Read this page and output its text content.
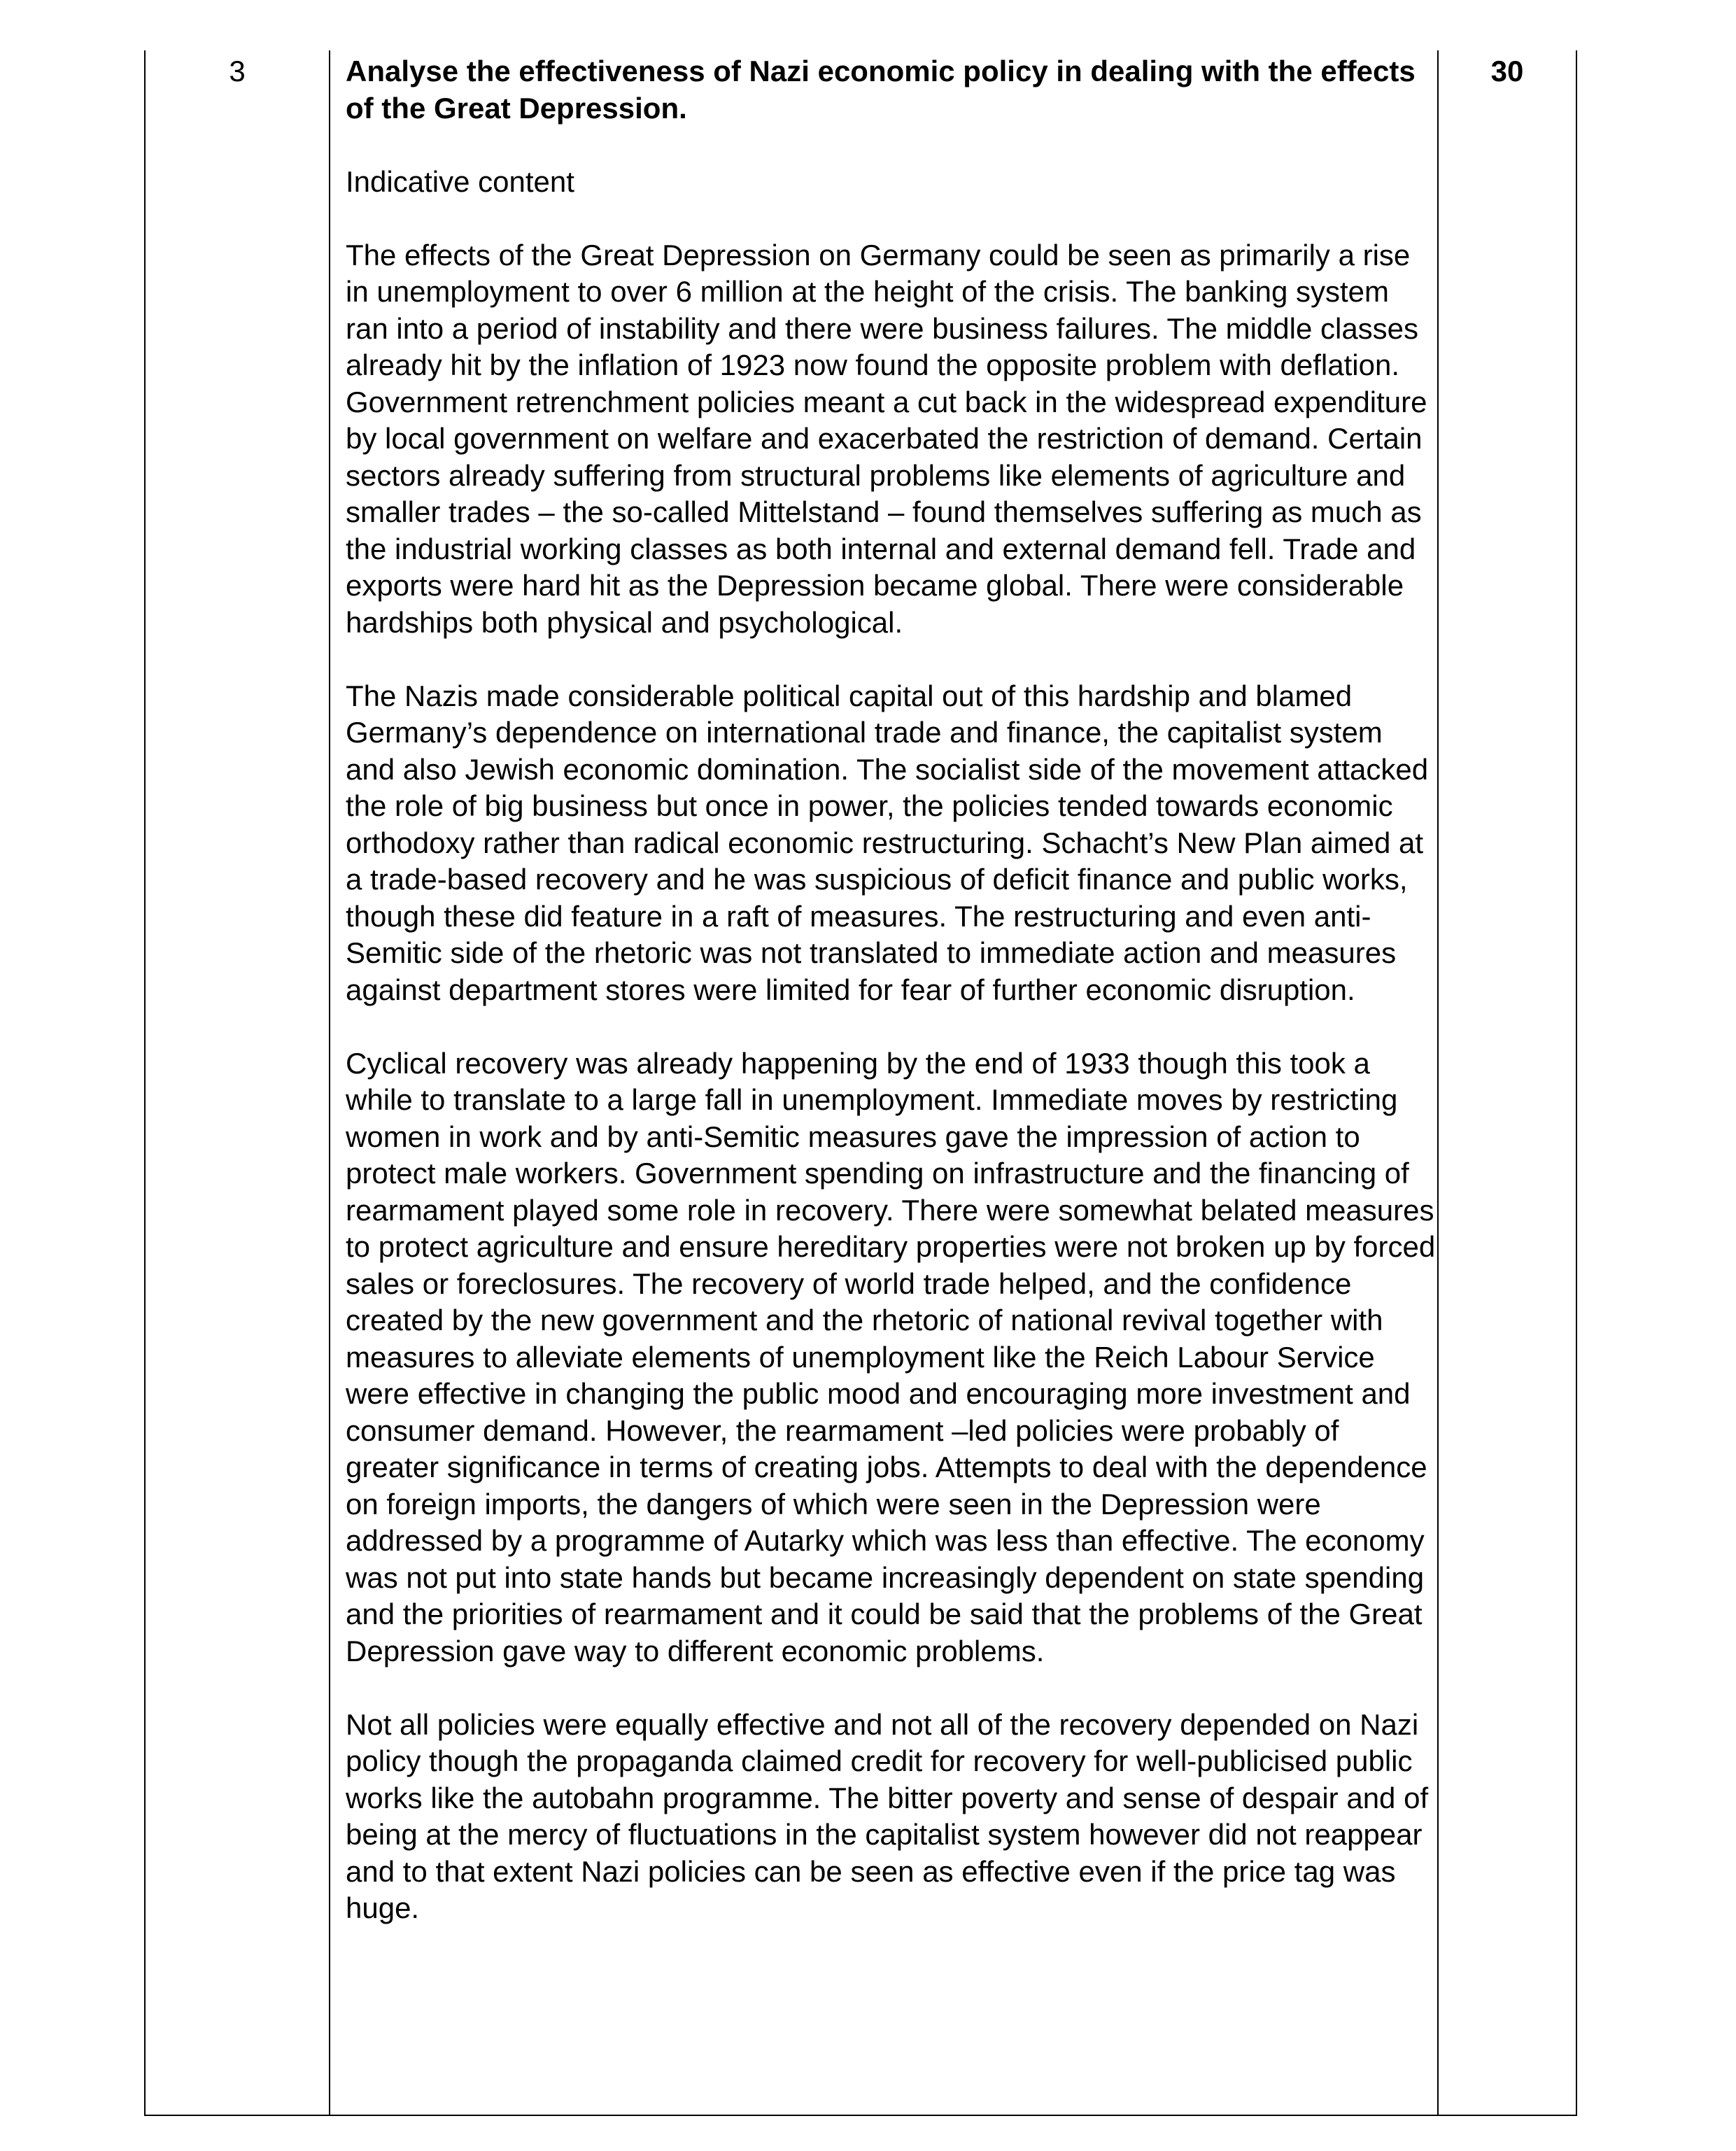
3	Analyse the effectiveness of Nazi economic policy in dealing with the effects of the Great Depression.

Indicative content

The effects of the Great Depression on Germany could be seen as primarily a rise in unemployment to over 6 million at the height of the crisis. The banking system ran into a period of instability and there were business failures. The middle classes already hit by the inflation of 1923 now found the opposite problem with deflation. Government retrenchment policies meant a cut back in the widespread expenditure by local government on welfare and exacerbated the restriction of demand. Certain sectors already suffering from structural problems like elements of agriculture and smaller trades – the so-called Mittelstand – found themselves suffering as much as the industrial working classes as both internal and external demand fell. Trade and exports were hard hit as the Depression became global. There were considerable hardships both physical and psychological.

The Nazis made considerable political capital out of this hardship and blamed Germany’s dependence on international trade and finance, the capitalist system and also Jewish economic domination. The socialist side of the movement attacked the role of big business but once in power, the policies tended towards economic orthodoxy rather than radical economic restructuring. Schacht’s New Plan aimed at a trade-based recovery and he was suspicious of deficit finance and public works, though these did feature in a raft of measures. The restructuring and even anti-Semitic side of the rhetoric was not translated to immediate action and measures against department stores were limited for fear of further economic disruption.

Cyclical recovery was already happening by the end of 1933 though this took a while to translate to a large fall in unemployment. Immediate moves by restricting women in work and by anti-Semitic measures gave the impression of action to protect male workers. Government spending on infrastructure and the financing of rearmament played some role in recovery. There were somewhat belated measures to protect agriculture and ensure hereditary properties were not broken up by forced sales or foreclosures. The recovery of world trade helped, and the confidence created by the new government and the rhetoric of national revival together with measures to alleviate elements of unemployment like the Reich Labour Service were effective in changing the public mood and encouraging more investment and consumer demand. However, the rearmament –led policies were probably of greater significance in terms of creating jobs. Attempts to deal with the dependence on foreign imports, the dangers of which were seen in the Depression were addressed by a programme of Autarky which was less than effective. The economy was not put into state hands but became increasingly dependent on state spending and the priorities of rearmament and it could be said that the problems of the Great Depression gave way to different economic problems.

Not all policies were equally effective and not all of the recovery depended on Nazi policy though the propaganda claimed credit for recovery for well-publicised public works like the autobahn programme. The bitter poverty and sense of despair and of being at the mercy of fluctuations in the capitalist system however did not reappear and to that extent Nazi policies can be seen as effective even if the price tag was huge.

30
